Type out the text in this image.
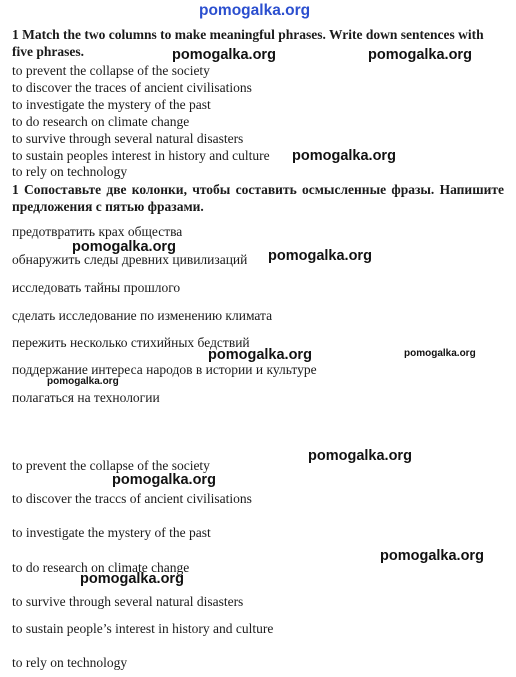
pomogalka.org
1 Match the two columns to make meaningful phrases. Write down sentences with five phrases.
to prevent the collapse of the society
to discover the traces of ancient civilisations
to investigate the mystery of the past
to do research on climate change
to survive through several natural disasters
to sustain peoples interest in history and culture
to rely on technology
1 Сопоставьте две колонки, чтобы составить осмысленные фразы. Напишите предложения с пятью фразами.
предотвратить крах общества
обнаружить следы древних цивилизаций
исследовать тайны прошлого
сделать исследование по изменению климата
пережить несколько стихийных бедствий
поддержание интереса народов в истории и культуре
полагаться на технологии
to prevent the collapse of the society
to discover the traccs of ancient civilisations
to investigate the mystery of the past
to do research on climate change
to survive through several natural disasters
to sustain people’s interest in history and culture
to rely on technology
pomogalka.org	pomogalka.org
pomogalka.org
pomogalka.org
pomogalka.org
pomogalka.org	pomogalka.org
pomogalka.org
pomogalka.org
pomogalka.org
pomogalka.org
pomogalka.org
